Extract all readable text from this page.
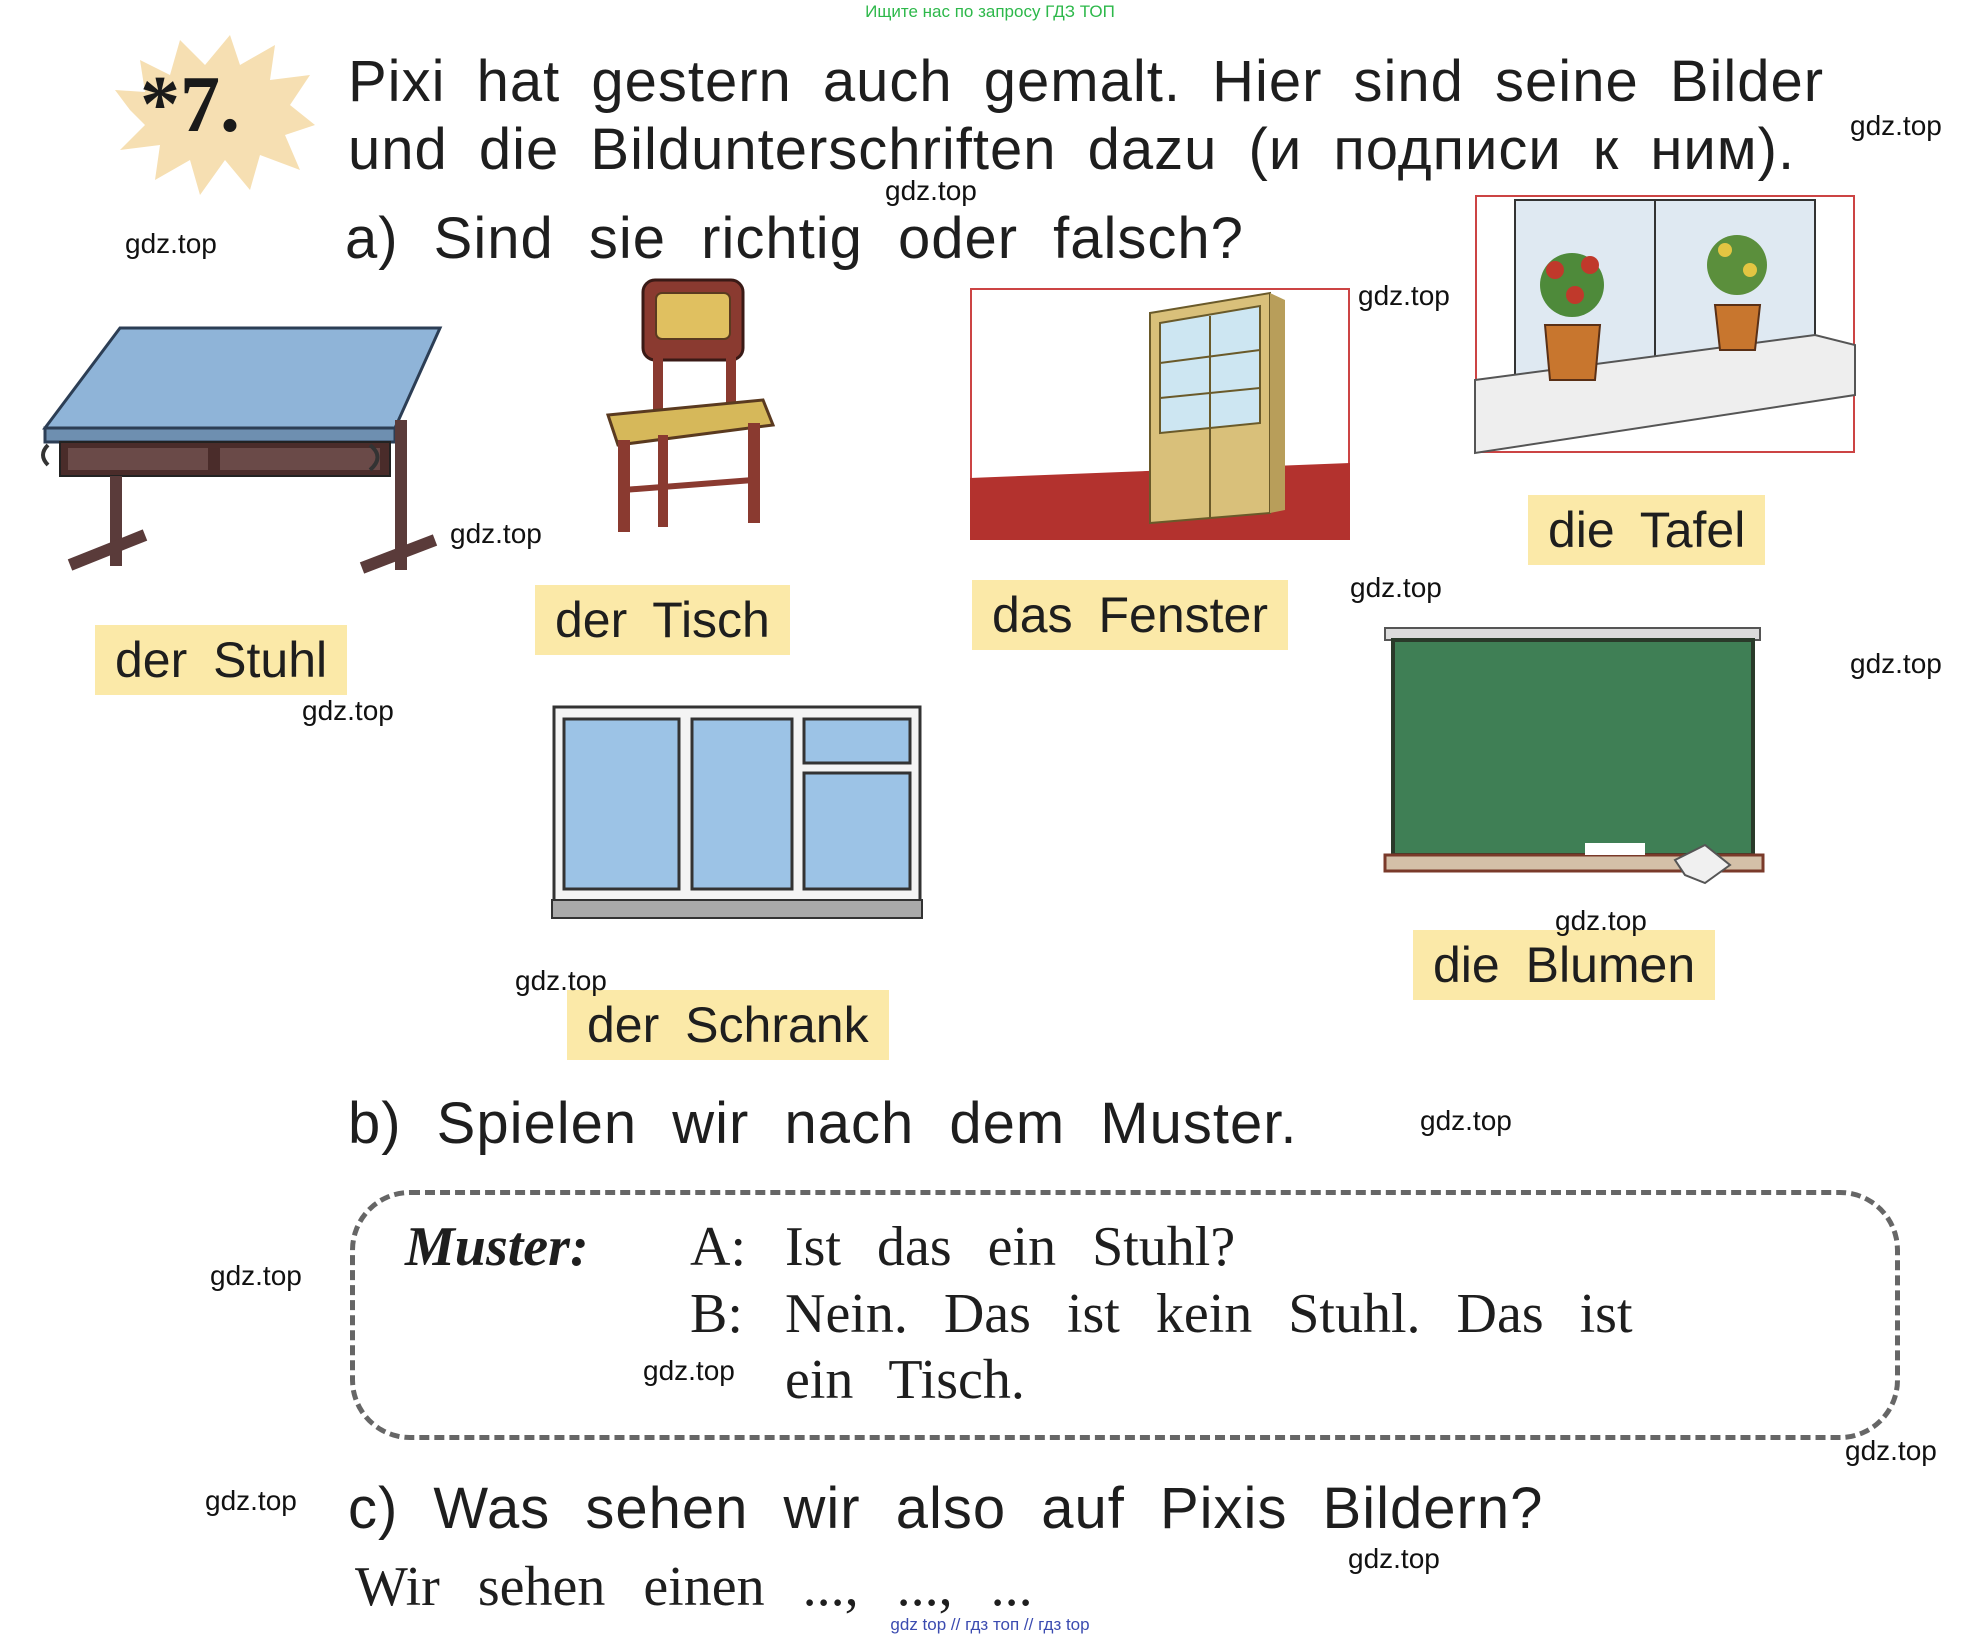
Ищите нас по запросу ГДЗ ТОП
*7. Pixi hat gestern auch gemalt. Hier sind seine Bilder
und die Bildunterschriften dazu (и подписи к ним).
a) Sind sie richtig oder falsch?
der Stuhl
der Tisch	das Fenster
die Tafel
die Blumen
der Schrank
b) Spielen wir nach dem Muster.
Muster: A: Ist das ein Stuhl?
B: Nein. Das ist kein Stuhl. Das ist
ein Tisch.
c) Was sehen wir also auf Pixis Bildern?
Wir sehen einen ..., ..., ...
gdz.top
gdz.top
gdz.top
gdz.top
gdz.top
gdz.top
gdz.top
gdz.top
gdz.top
gdz.top
gdz.top
gdz.top
gdz.top
gdz.top
gdz.top
gdz.top
gdz top // гдз топ // гдз top
